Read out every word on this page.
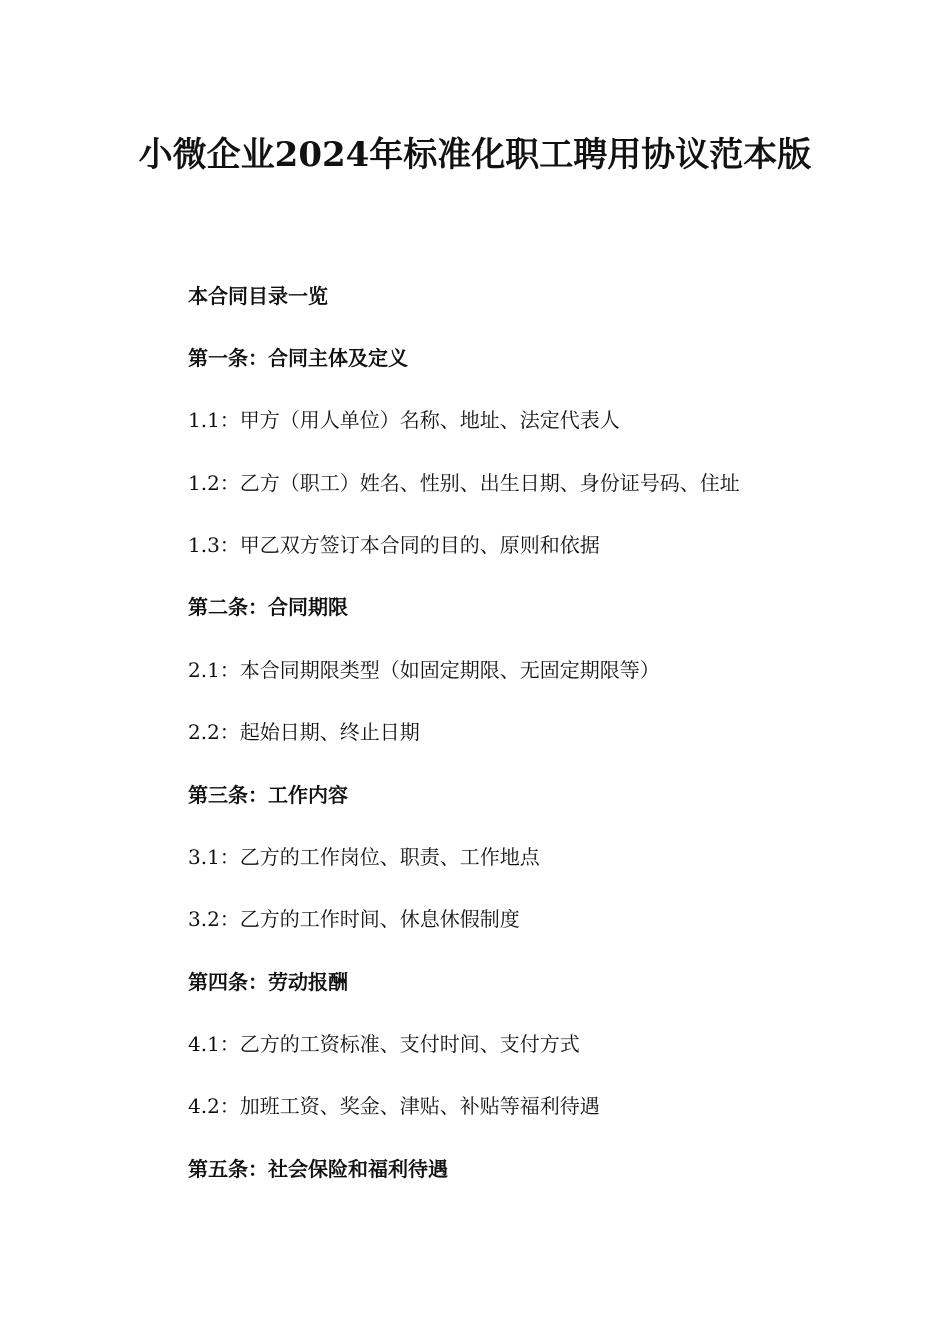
小微企业2024年标准化职工聘用协议范本版

本合同目录一览

第一条：合同主体及定义

1.1：甲方（用人单位）名称、地址、法定代表人

1.2：乙方（职工）姓名、性别、出生日期、身份证号码、住址

1.3：甲乙双方签订本合同的目的、原则和依据

第二条：合同期限

2.1：本合同期限类型（如固定期限、无固定期限等）

2.2：起始日期、终止日期

第三条：工作内容

3.1：乙方的工作岗位、职责、工作地点

3.2：乙方的工作时间、休息休假制度

第四条：劳动报酬

4.1：乙方的工资标准、支付时间、支付方式

4.2：加班工资、奖金、津贴、补贴等福利待遇

第五条：社会保险和福利待遇
